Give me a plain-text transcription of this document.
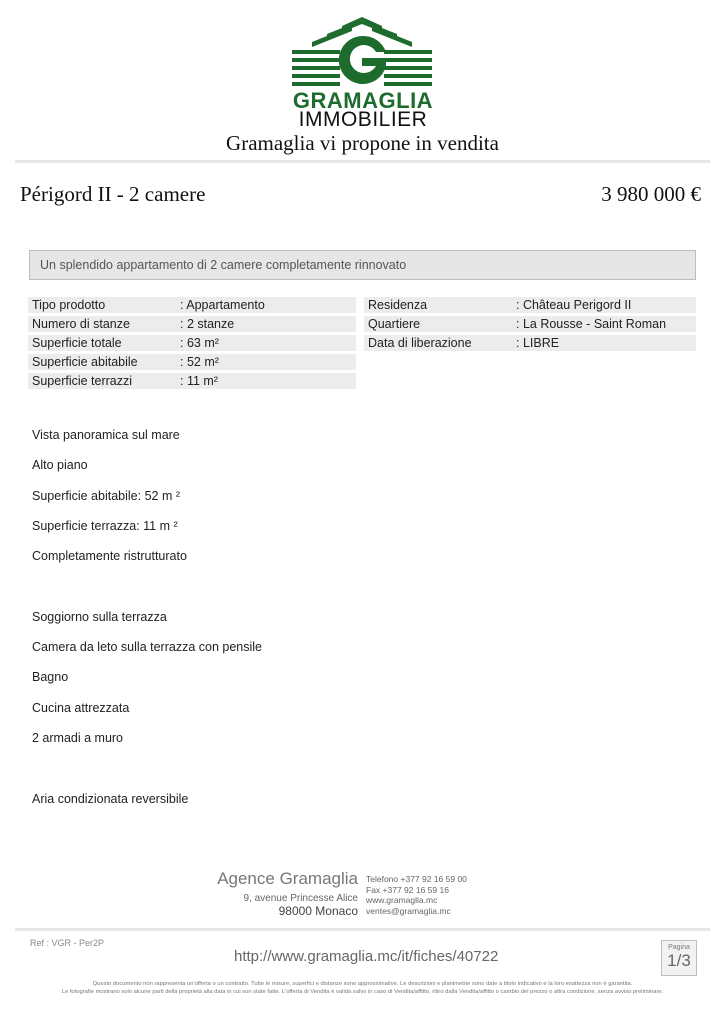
GRAMAGLIA
IMMOBILIER
Gramaglia vi propone in vendita
Périgord II - 2 camere	3 980 000 €
Un splendido appartamento di 2 camere completamente rinnovato
Tipo prodotto	: Appartamento
Numero di stanze	: 2 stanze
Superficie totale	: 63 m²
Superficie abitabile	: 52 m²
Superficie terrazzi	: 11 m²
Residenza	: Château Perigord II
Quartiere	: La Rousse - Saint Roman
Data di liberazione	: LIBRE
Vista panoramica sul mare
Alto piano
Superficie abitabile: 52 m ²
Superficie terrazza: 11 m ²
Completamente ristrutturato
Soggiorno sulla terrazza
Camera da leto sulla terrazza con pensile
Bagno
Cucina attrezzata
2 armadi a muro
Aria condizionata reversibile
Agence Gramaglia
9, avenue Princesse Alice
98000 Monaco
Telefono +377 92 16 59 00
Fax +377 92 16 59 16
www.gramaglia.mc
ventes@gramaglia.mc
Ref : VGR - Per2P
http://www.gramaglia.mc/it/fiches/40722
Pagina
1/3
Questo documento non rappresenta un'offerta o un contratto. Tutte le misure, superfici e distanze sono approssimative. Le descrizioni e planimetrie sono date a titolo indicativo e la loro esattezza non è garantita.
Le fotografie mostrano solo alcune parti della proprietà alla data in cui son state fatte. L'offerta di Vendita è valida salvo in caso di Vendita/affitto, ritiro dalla Vendita/affitto o cambio del prezzo o altra condizione, senza avviso preliminare.
